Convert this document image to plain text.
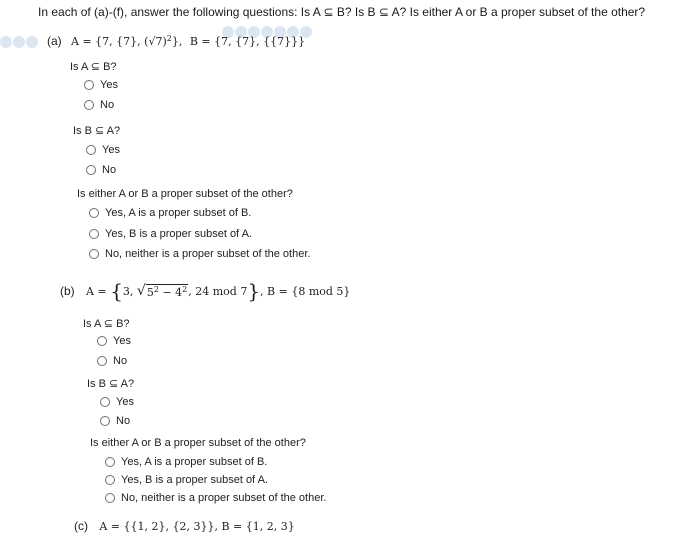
In each of (a)-(f), answer the following questions: Is A ⊆ B? Is B ⊆ A? Is either A or B a proper subset of the other?
(a) A = {7, {7}, $(√7)^2$}, B = {7, {7}, {{7}}}
Is A ⊆ B?
Yes
No
Is B ⊆ A?
Yes
No
Is either A or B a proper subset of the other?
Yes, A is a proper subset of B.
Yes, B is a proper subset of A.
No, neither is a proper subset of the other.
(b) A = {3, √ $5^2 - 4^2$ , 24 mod 7}, B = {8 mod 5}
Is A ⊆ B?
Yes
No
Is B ⊆ A?
Yes
No
Is either A or B a proper subset of the other?
Yes, A is a proper subset of B.
Yes, B is a proper subset of A.
No, neither is a proper subset of the other.
(c) A = {{1, 2}, {2, 3}}, B = {1, 2, 3}
